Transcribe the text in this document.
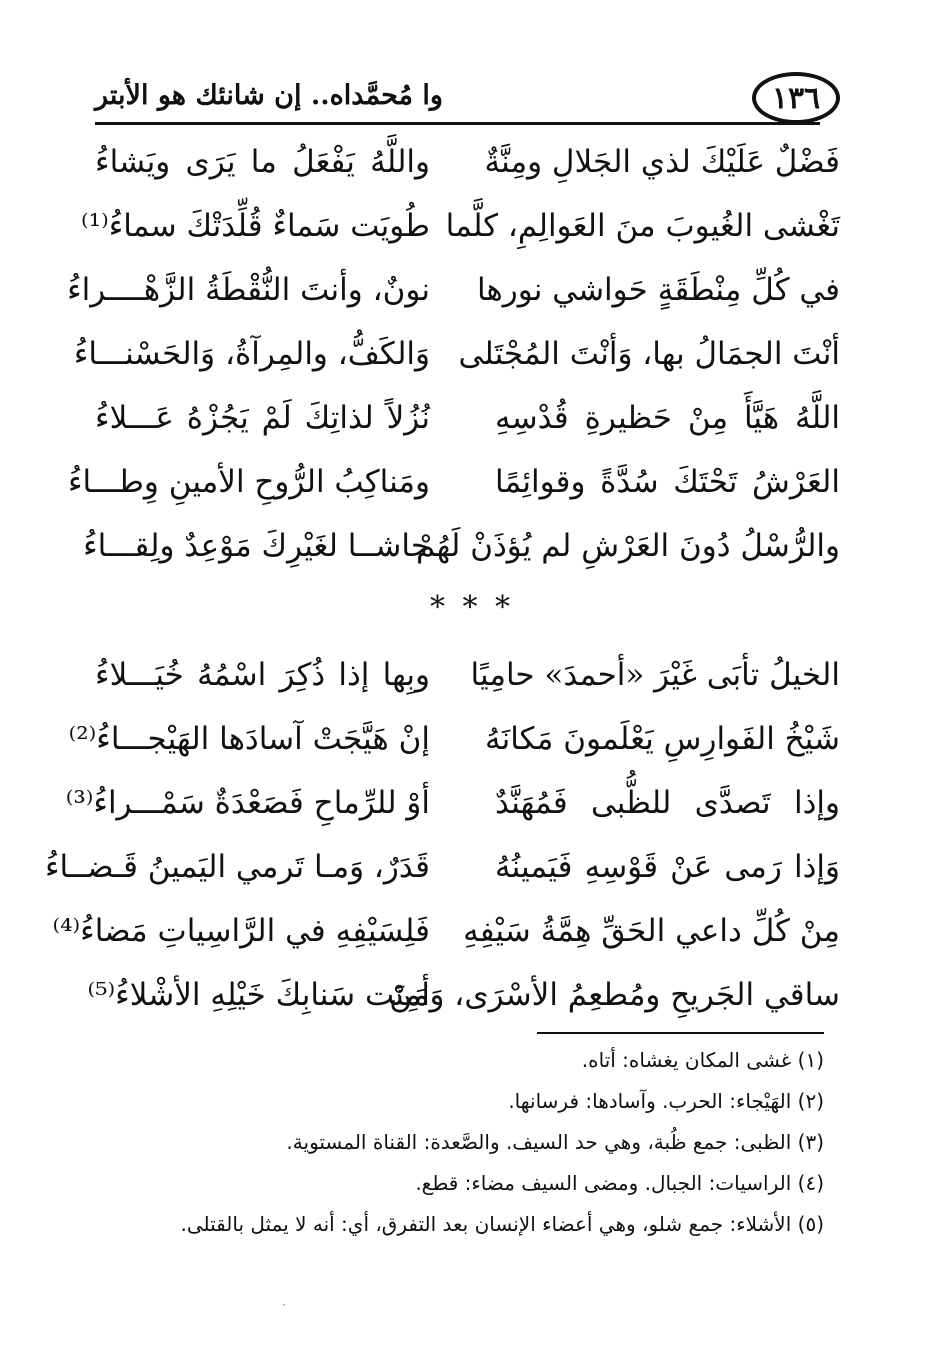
١٣٦
وا مُحمَّداه.. إن شانئك هو الأبتر
فَضْلٌ عَلَيْكَ لذي الجَلالِ ومِنَّةٌ
واللَّهُ يَفْعَلُ ما يَرَى ويَشاءُ
تَغْشى الغُيوبَ منَ العَوالِمِ، كلَّما
طُويَت سَماءٌ قُلِّدَتْكَ سماءُ⁽¹⁾
في كُلِّ مِنْطَقَةٍ حَواشي نورها
نونٌ، وأنتَ النُّقْطَةُ الزَّهْــــراءُ
أنْتَ الجمَالُ بها، وَأنْتَ المُجْتَلى
وَالكَفُّ، والمِرآةُ، وَالحَسْنـــاءُ
اللَّهُ هَيَّأَ مِنْ حَظيرةِ قُدْسِهِ
نُزُلاً لذاتِكَ لَمْ يَجُزْهُ عَـــلاءُ
العَرْشُ تَحْتَكَ سُدَّةً وقوائِمًا
ومَناكِبُ الرُّوحِ الأمينِ وِطـــاءُ
والرُّسْلُ دُونَ العَرْشِ لم يُؤذَنْ لَهُمْ
حاشــا لغَيْرِكَ مَوْعِدٌ ولِقـــاءُ
* * *
الخيلُ تأبَى غَيْرَ «أحمدَ» حامِيًا
وبِها إذا ذُكِرَ اسْمُهُ خُيَـــلاءُ
شَيْخُ الفَوارِسِ يَعْلَمونَ مَكانَهُ
إنْ هَيَّجَتْ آسادَها الهَيْجـــاءُ⁽²⁾
وإذا تَصدَّى للظُّبى فَمُهَنَّدٌ
أوْ للرِّماحِ فَصَعْدَةٌ سَمْـــراءُ⁽³⁾
وَإذا رَمى عَنْ قَوْسِهِ فَيَمينُهُ
قَدَرٌ، وَمـا تَرمي اليَمينُ قَـضــاءُ
مِنْ كُلِّ داعي الحَقِّ هِمَّةُ سَيْفِهِ
فَلِسَيْفِهِ في الرَّاسِياتِ مَضاءُ⁽⁴⁾
ساقي الجَريحِ ومُطعِمُ الأسْرَى، وَمَنْ
أمِنَت سَنابِكَ خَيْلِهِ الأشْلاءُ⁽⁵⁾
(١) غشى المكان يغشاه: أتاه.
(٢) الهَيْجاء: الحرب. وآسادها: فرسانها.
(٣) الظبى: جمع ظُبة، وهي حد السيف. والصَّعدة: القناة المستوية.
(٤) الراسيات: الجبال. ومضى السيف مضاء: قطع.
(٥) الأشلاء: جمع شلو، وهي أعضاء الإنسان بعد التفرق، أي: أنه لا يمثل بالقتلى.
·
